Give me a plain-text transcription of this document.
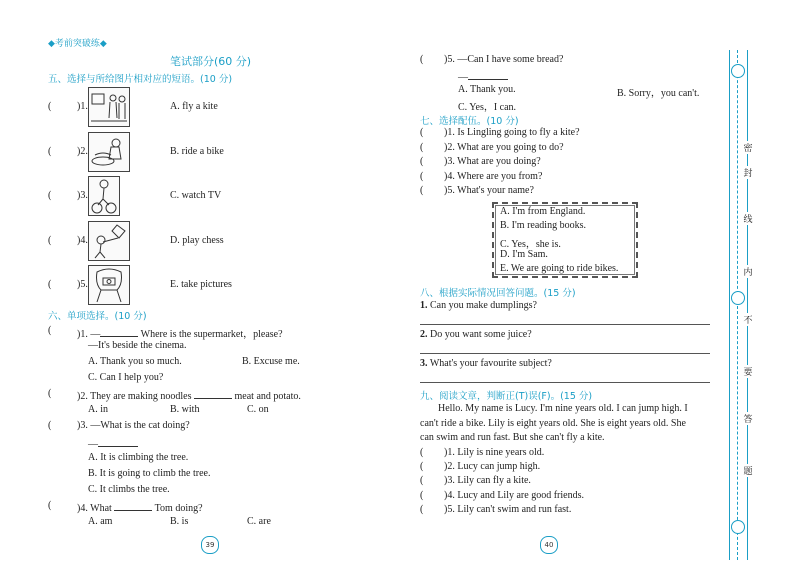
◆考前突破练◆
笔试部分(60 分)
五、选择与所给图片相对应的短语。(10 分)
(	)1.	A. fly a kite
(	)2.	B. ride a bike
(	)3.	C. watch TV
(	)4.	D. play chess
(	)5.	E. take pictures
六、单项选择。(10 分)
(	)1. —	Where is the supermarket，please?
—It's beside the cinema.
A. Thank you so much.	B. Excuse me.
C. Can I help you?
(	)2. They are making noodles	meat and potato.
A. in	B. with	C. on
(	)3. —What is the cat doing?
—
A. It is climbing the tree.
B. It is going to climb the tree.
C. It climbs the tree.
(	)4. What	Tom doing?
A. am	B. is	C. are
39
( )5. —Can I have some bread?
—
A. Thank you.	B. Sorry，you can't.
C. Yes，I can.
七、选择配伍。(10 分)
( )1. Is Lingling going to fly a kite?
( )2. What are you going to do?
( )3. What are you doing?
( )4. Where are you from?
( )5. What's your name?
A. I'm from England.
B. I'm reading books.
C. Yes，she is.
D. I'm Sam.
E. We are going to ride bikes.
八、根据实际情况回答问题。(15 分)
1. Can you make dumplings?
2. Do you want some juice?
3. What's your favourite subject?
九、阅读文章，判断正(T)误(F)。(15 分)
Hello. My name is Lucy. I'm nine years old. I can jump high. I
can't ride a bike. Lily is eight years old. She is eight years old. She
can swim and run fast. But she can't fly a kite.
( )1. Lily is nine years old.
( )2. Lucy can jump high.
( )3. Lily can fly a kite.
( )4. Lucy and Lily are good friends.
( )5. Lily can't swim and run fast.
40
密
封
线
内
不
要
答
题
